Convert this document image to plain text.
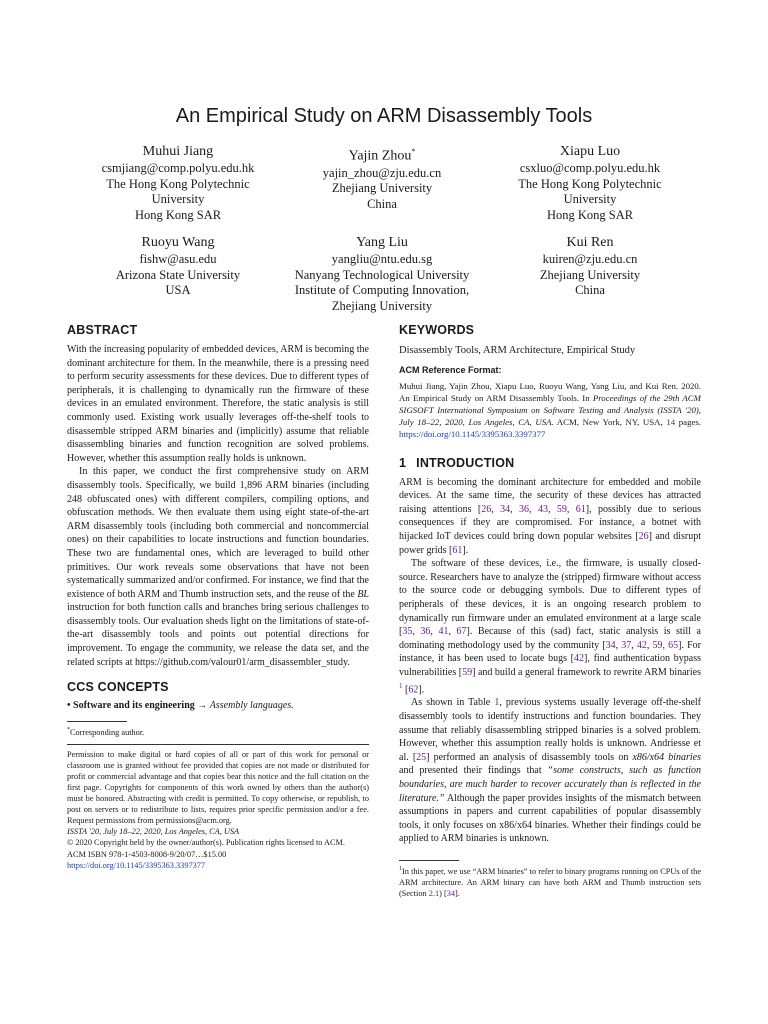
An Empirical Study on ARM Disassembly Tools
Muhui Jiang
csmjiang@comp.polyu.edu.hk
The Hong Kong Polytechnic
University
Hong Kong SAR
Yajin Zhou*
yajin_zhou@zju.edu.cn
Zhejiang University
China
Xiapu Luo
csxluo@comp.polyu.edu.hk
The Hong Kong Polytechnic
University
Hong Kong SAR
Ruoyu Wang
fishw@asu.edu
Arizona State University
USA
Yang Liu
yangliu@ntu.edu.sg
Nanyang Technological University
Institute of Computing Innovation,
Zhejiang University
Kui Ren
kuiren@zju.edu.cn
Zhejiang University
China
ABSTRACT

With the increasing popularity of embedded devices, ARM is becoming the dominant architecture for them. In the meanwhile, there is a pressing need to perform security assessments for these devices. Due to different types of peripherals, it is challenging to dynamically run the firmware of these devices in an emulated environment. Therefore, the static analysis is still commonly used. Existing work usually leverages off-the-shelf tools to disassemble stripped ARM binaries and (implicitly) assume that reliable disassembling binaries and function recognition are solved problems. However, whether this assumption really holds is unknown.

In this paper, we conduct the first comprehensive study on ARM disassembly tools. Specifically, we build 1,896 ARM binaries (including 248 obfuscated ones) with different compilers, compiling options, and obfuscation methods. We then evaluate them using eight state-of-the-art ARM disassembly tools (including both commercial and noncommercial ones) on their capabilities to locate instructions and function boundaries. These two are fundamental ones, which are leveraged to build other primitives. Our work reveals some observations that have not been systematically summarized and/or confirmed. For instance, we find that the existence of both ARM and Thumb instruction sets, and the reuse of the BL instruction for both function calls and branches bring serious challenges to disassembly tools. Our evaluation sheds light on the limitations of state-of-the-art disassembly tools and points out potential directions for improvement. To engage the community, we release the data set, and the related scripts at https://github.com/valour01/arm_disassembler_study.

CCS CONCEPTS

• Software and its engineering → Assembly languages.

*Corresponding author.

Permission to make digital or hard copies of all or part of this work for personal or classroom use is granted without fee provided that copies are not made or distributed for profit or commercial advantage and that copies bear this notice and the full citation on the first page. Copyrights for components of this work owned by others than the author(s) must be honored. Abstracting with credit is permitted. To copy otherwise, or republish, to post on servers or to redistribute to lists, requires prior specific permission and/or a fee. Request permissions from permissions@acm.org.

ISSTA '20, July 18–22, 2020, Los Angeles, CA, USA

© 2020 Copyright held by the owner/author(s). Publication rights licensed to ACM.

ACM ISBN 978-1-4503-8008-9/20/07…$15.00

https://doi.org/10.1145/3395363.3397377

KEYWORDS

Disassembly Tools, ARM Architecture, Empirical Study

ACM Reference Format:

Muhui Jiang, Yajin Zhou, Xiapu Luo, Ruoyu Wang, Yang Liu, and Kui Ren. 2020. An Empirical Study on ARM Disassembly Tools. In Proceedings of the 29th ACM SIGSOFT International Symposium on Software Testing and Analysis (ISSTA '20), July 18–22, 2020, Los Angeles, CA, USA. ACM, New York, NY, USA, 14 pages. https://doi.org/10.1145/3395363.3397377

1 INTRODUCTION

ARM is becoming the dominant architecture for embedded and mobile devices. At the same time, the security of these devices has attracted raising attentions [26, 34, 36, 43, 59, 61], possibly due to serious consequences if they are compromised. For instance, a botnet with hijacked IoT devices could bring down popular websites [26] and disrupt power grids [61].

The software of these devices, i.e., the firmware, is usually closed-source. Researchers have to analyze the (stripped) firmware without access to the source code or debugging symbols. Due to different types of peripherals of these devices, it is an ongoing research problem to dynamically run firmware under an emulated environment at a large scale [35, 36, 41, 67]. Because of this (sad) fact, static analysis is still a dominating methodology used by the community [34, 37, 42, 59, 65]. For instance, it has been used to locate bugs [42], find authentication bypass vulnerabilities [59] and build a general framework to rewrite ARM binaries $^1$ [62].

As shown in Table 1, previous systems usually leverage off-the-shelf disassembly tools to identify instructions and function boundaries. They assume that reliably disassembling stripped binaries is a solved problem. However, whether this assumption really holds is unknown. Andriesse et al. [25] performed an analysis of disassembly tools on x86/x64 binaries and presented their findings that “some constructs, such as function boundaries, are much harder to recover accurately than is reflected in the literature.” Although the paper provides insights of the mismatch between assumptions in papers and current capabilities of popular disassembly tools, it only focuses on x86/x64 binaries. Whether their findings could be applied to ARM binaries is unknown.

$^1$In this paper, we use “ARM binaries” to refer to binary programs running on CPUs of the ARM architecture. An ARM binary can have both ARM and Thumb instruction sets (Section 2.1) [34].
